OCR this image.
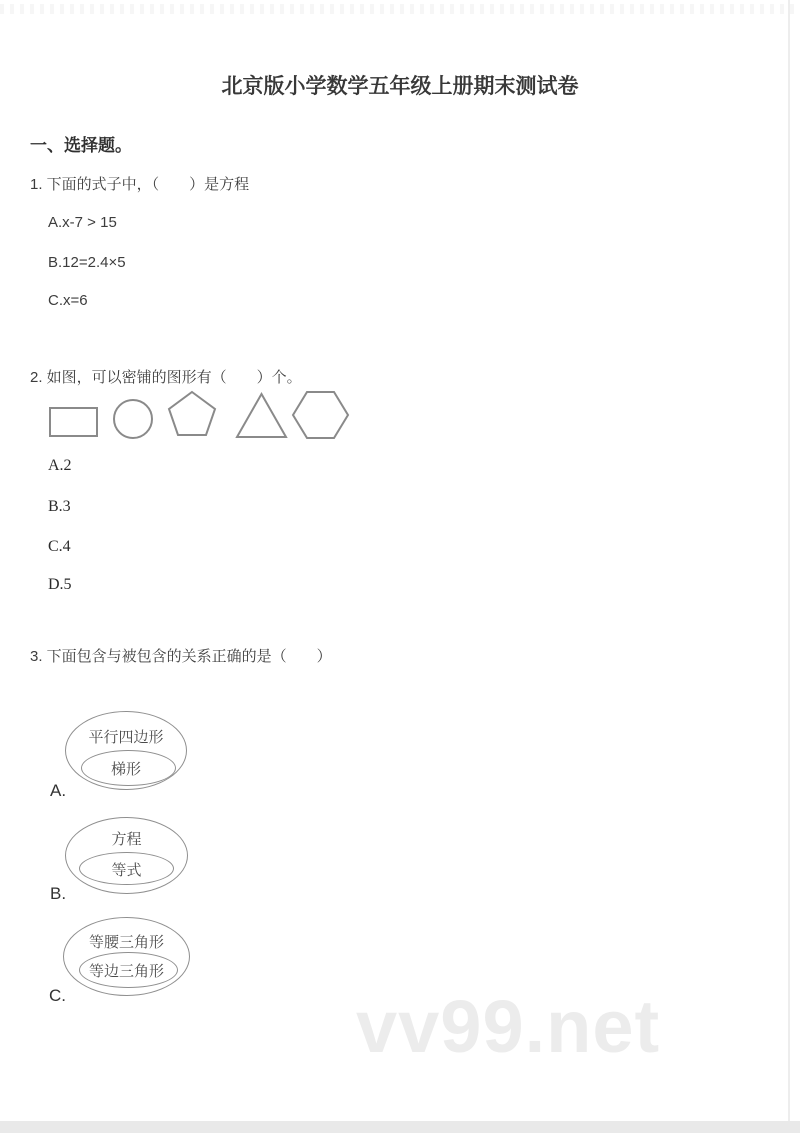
vv99.net
北京版小学数学五年级上册期末测试卷
一、选择题。
1. 下面的式子中，（　　）是方程
A.x-7 > 15
B.12=2.4×5
C.x=6
2. 如图，可以密铺的图形有（　　）个。
A.2
B.3
C.4
D.5
3. 下面包含与被包含的关系正确的是（　　）
平行四边形
梯形
A.
方程
等式
B.
等腰三角形
等边三角形
C.
